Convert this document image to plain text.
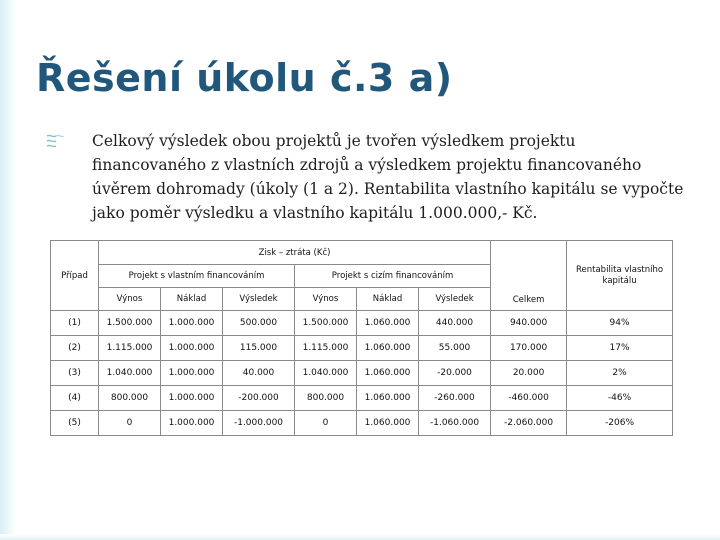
Řešení úkolu č.3 a)

Celkový výsledek obou projektů je tvořen výsledkem projektu financovaného z vlastních zdrojů a výsledkem projektu financovaného úvěrem dohromady (úkoly (1 a 2). Rentabilita vlastního kapitálu se vypočte jako poměr výsledku a vlastního kapitálu 1.000.000,- Kč.

Případ	Zisk – ztráta (Kč)						Celkem	Rentabilita vlastního kapitálu
	Projekt s vlastním financováním			Projekt s cizím financováním				
	Výnos	Náklad	Výsledek	Výnos	Náklad	Výsledek		
(1)	1.500.000	1.000.000	500.000	1.500.000	1.060.000	440.000	940.000	94%
(2)	1.115.000	1.000.000	115.000	1.115.000	1.060.000	55.000	170.000	17%
(3)	1.040.000	1.000.000	40.000	1.040.000	1.060.000	-20.000	20.000	2%
(4)	800.000	1.000.000	-200.000	800.000	1.060.000	-260.000	-460.000	-46%
(5)	0	1.000.000	-1.000.000	0	1.060.000	-1.060.000	-2.060.000	-206%
